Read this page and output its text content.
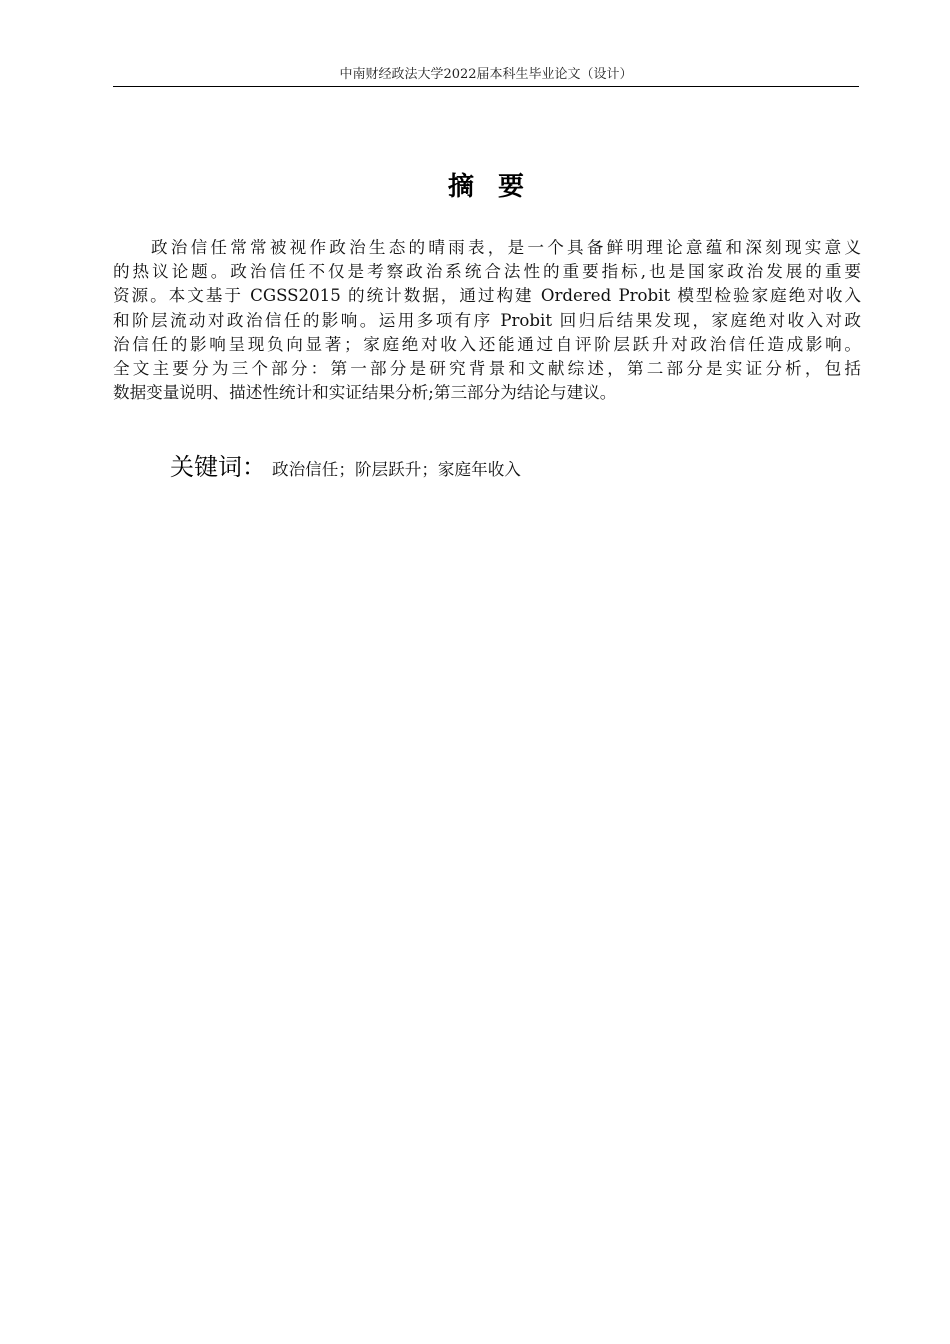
中南财经政法大学2022届本科生毕业论文（设计）
摘要
政治信任常常被视作政治生态的晴雨表，是一个具备鲜明理论意蕴和深刻现实意义
的热议论题。政治信任不仅是考察政治系统合法性的重要指标,也是国家政治发展的重要
资源。本文基于 CGSS2015 的统计数据，通过构建 Ordered Probit 模型检验家庭绝对收入
和阶层流动对政治信任的影响。运用多项有序 Probit 回归后结果发现，家庭绝对收入对政
治信任的影响呈现负向显著；家庭绝对收入还能通过自评阶层跃升对政治信任造成影响。
全文主要分为三个部分：第一部分是研究背景和文献综述，第二部分是实证分析，包括
数据变量说明、描述性统计和实证结果分析;第三部分为结论与建议。
关键词： 政治信任；阶层跃升；家庭年收入
